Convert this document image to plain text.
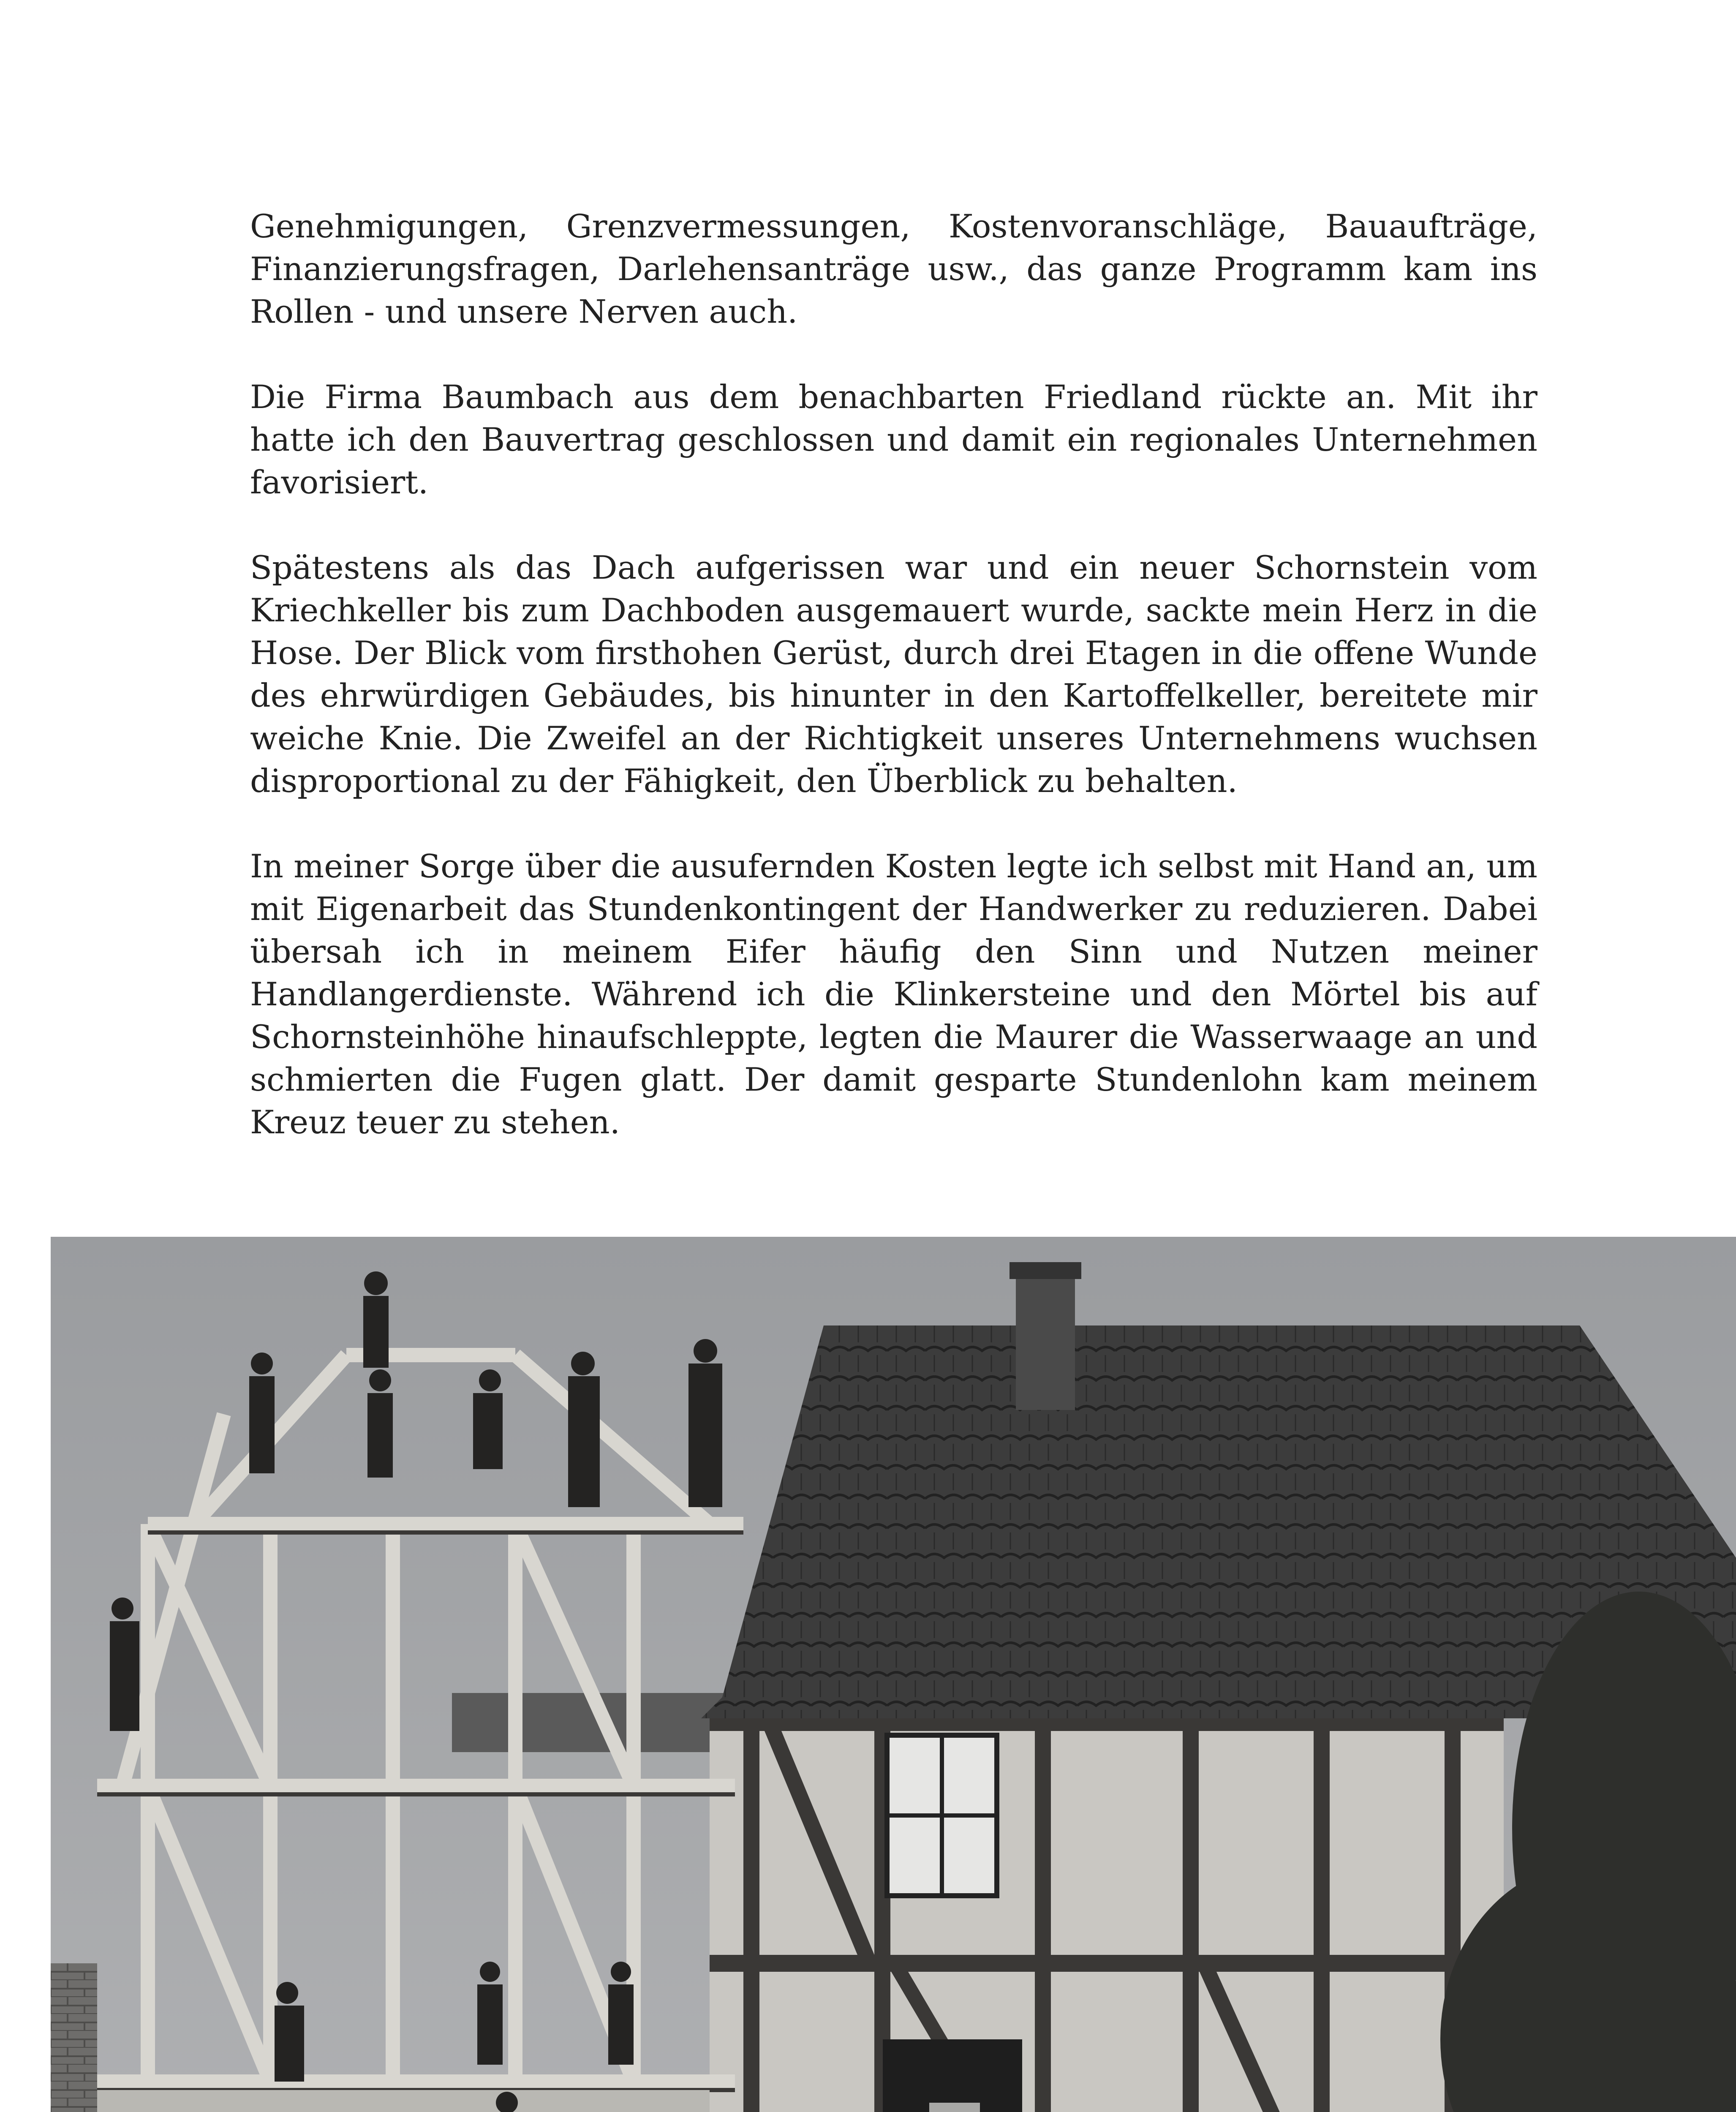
Genehmigungen, Grenzvermessungen, Kostenvoranschläge, Bauaufträge, Finanzierungsfragen, Darlehensanträge usw., das ganze Programm kam ins Rollen - und unsere Nerven auch.

Die Firma Baumbach aus dem benachbarten Friedland rückte an. Mit ihr hatte ich den Bauvertrag geschlossen und damit ein regionales Unternehmen favorisiert.

Spätestens als das Dach aufgerissen war und ein neuer Schornstein vom Kriechkeller bis zum Dachboden ausgemauert wurde, sackte mein Herz in die Hose. Der Blick vom firsthohen Gerüst, durch drei Etagen in die offene Wunde des ehrwürdigen Gebäudes, bis hinunter in den Kartoffelkeller, bereitete mir weiche Knie. Die Zweifel an der Richtigkeit unseres Unternehmens wuchsen disproportional zu der Fähigkeit, den Überblick zu behalten.

In meiner Sorge über die ausufernden Kosten legte ich selbst mit Hand an, um mit Eigenarbeit das Stundenkontingent der Handwerker zu reduzieren. Dabei übersah ich in meinem Eifer häufig den Sinn und Nutzen meiner Handlangerdienste. Während ich die Klinkersteine und den Mörtel bis auf Schornsteinhöhe hinaufschleppte, legten die Maurer die Wasserwaage an und schmierten die Fugen glatt. Der damit gesparte Stundenlohn kam meinem Kreuz teuer zu stehen.
